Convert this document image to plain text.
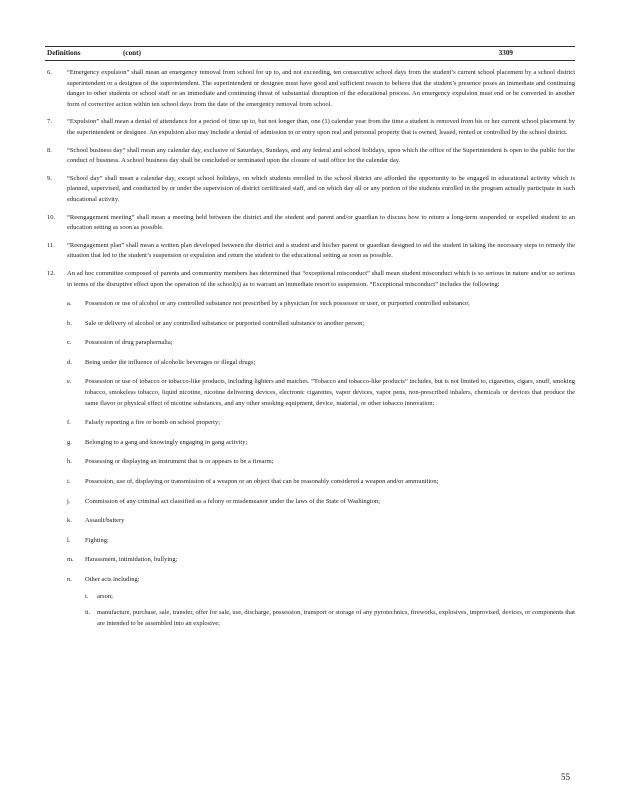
Definitions	(cont)	3309
6. “Emergency expulsion” shall mean an emergency removal from school for up to, and not exceeding, ten consecutive school days from the student’s current school placement by a school district superintendent or a designee of the superintendent. The superintendent or designee must have good and sufficient reason to believe that the student’s presence poses an immediate and continuing danger to other students or school staff or an immediate and continuing threat of substantial disruption of the educational process. An emergency expulsion must end or be converted to another form of corrective action within ten school days from the date of the emergency removal from school.
7. “Expulsion” shall mean a denial of attendance for a period of time up to, but not longer than, one (1) calendar year from the time a student is removed from his or her current school placement by the superintendent or designee. An expulsion also may include a denial of admission to or entry upon real and personal property that is owned, leased, rented or controlled by the school district.
8. “School business day” shall mean any calendar day, exclusive of Saturdays, Sundays, and any federal and school holidays, upon which the office of the Superintendent is open to the public for the conduct of business. A school business day shall be concluded or terminated upon the closure of said office for the calendar day.
9. “School day” shall mean a calendar day, except school holidays, on which students enrolled in the school district are afforded the opportunity to be engaged in educational activity which is planned, supervised, and conducted by or under the supervision of district certificated staff, and on which day all or any portion of the students enrolled in the program actually participate in such educational activity.
10. “Reengagement meeting” shall mean a meeting held between the district and the student and parent and/or guardian to discuss how to return a long-term suspended or expelled student to an education setting as soon as possible.
11. “Reengagement plan” shall mean a written plan developed between the district and a student and his/her parent or guardian designed to aid the student in taking the necessary steps to remedy the situation that led to the student’s suspension or expulsion and return the student to the educational setting as soon as possible.
12. An ad hoc committee composed of parents and community members has determined that “exceptional misconduct” shall mean student misconduct which is so serious in nature and/or so serious in terms of the disruptive effect upon the operation of the school(s) as to warrant an immediate resort to suspension. “Exceptional misconduct” includes the following:
a. Possession or use of alcohol or any controlled substance not prescribed by a physician for such possessor or user, or purported controlled substance;
b. Sale or delivery of alcohol or any controlled substance or purported controlled substance to another person;
c. Possession of drug paraphernalia;
d. Being under the influence of alcoholic beverages or illegal drugs;
e. Possession or use of tobacco or tobacco-like products, including lighters and matches. “Tobacco and tobacco-like products” includes, but is not limited to, cigarettes, cigars, snuff, smoking tobacco, smokeless tobacco, liquid nicotine, nicotine delivering devices, electronic cigarettes, vapor devices, vapor pens, non-prescribed inhalers, chemicals or devices that produce the same flavor or physical effect of nicotine substances, and any other smoking equipment, device, material, or other tobacco innovation;
f. Falsely reporting a fire or bomb on school property;
g. Belonging to a gang and knowingly engaging in gang activity;
h. Possessing or displaying an instrument that is or appears to be a firearm;
i. Possession, use of, displaying or transmission of a weapon or an object that can be reasonably considered a weapon and/or ammunition;
j. Commission of any criminal act classified as a felony or misdemeanor under the laws of the State of Washington;
k. Assault/battery
l. Fighting;
m. Harassment, intimidation, bullying;
n. Other acts including:
i. arson;
ii. manufacture, purchase, sale, transfer, offer for sale, use, discharge, possession, transport or storage of any pyrotechnics, fireworks, explosives, improvised, devices, or components that are intended to be assembled into an explosive;
55
